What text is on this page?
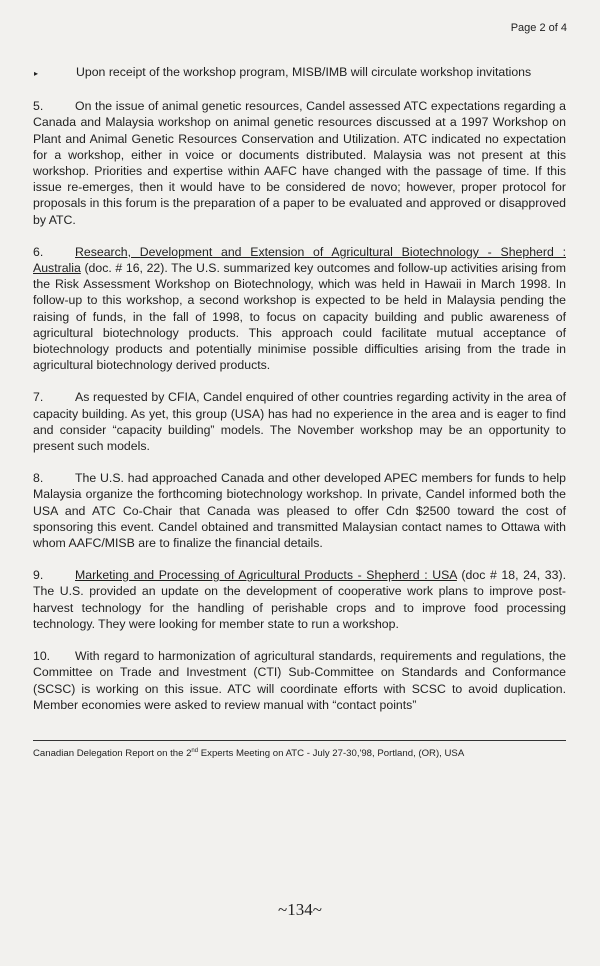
Page 2 of 4
▸	Upon receipt of the workshop program, MISB/IMB will circulate workshop invitations

5.	On the issue of animal genetic resources, Candel assessed ATC expectations regarding a Canada and Malaysia workshop on animal genetic resources discussed at a 1997 Workshop on Plant and Animal Genetic Resources Conservation and Utilization. ATC indicated no expectation for a workshop, either in voice or documents distributed. Malaysia was not present at this workshop. Priorities and expertise within AAFC have changed with the passage of time. If this issue re-emerges, then it would have to be considered de novo; however, proper protocol for proposals in this forum is the preparation of a paper to be evaluated and approved or disapproved by ATC.

6.	Research, Development and Extension of Agricultural Biotechnology - Shepherd : Australia (doc. # 16, 22). The U.S. summarized key outcomes and follow-up activities arising from the Risk Assessment Workshop on Biotechnology, which was held in Hawaii in March 1998. In follow-up to this workshop, a second workshop is expected to be held in Malaysia pending the raising of funds, in the fall of 1998, to focus on capacity building and public awareness of agricultural biotechnology products. This approach could facilitate mutual acceptance of biotechnology products and potentially minimise possible difficulties arising from the trade in agricultural biotechnology derived products.

7.	As requested by CFIA, Candel enquired of other countries regarding activity in the area of capacity building. As yet, this group (USA) has had no experience in the area and is eager to find and consider “capacity building” models. The November workshop may be an opportunity to present such models.

8.	The U.S. had approached Canada and other developed APEC members for funds to help Malaysia organize the forthcoming biotechnology workshop. In private, Candel informed both the USA and ATC Co-Chair that Canada was pleased to offer Cdn $2500 toward the cost of sponsoring this event. Candel obtained and transmitted Malaysian contact names to Ottawa with whom AAFC/MISB are to finalize the financial details.

9.	Marketing and Processing of Agricultural Products - Shepherd : USA (doc # 18, 24, 33). The U.S. provided an update on the development of cooperative work plans to improve post-harvest technology for the handling of perishable crops and to improve food processing technology. They were looking for member state to run a workshop.

10. With regard to harmonization of agricultural standards, requirements and regulations, the Committee on Trade and Investment (CTI) Sub-Committee on Standards and Conformance (SCSC) is working on this issue. ATC will coordinate efforts with SCSC to avoid duplication. Member economies were asked to review manual with “contact points”

Canadian Delegation Report on the 2nd Experts Meeting on ATC - July 27-30,'98, Portland, (OR), USA
~134~
